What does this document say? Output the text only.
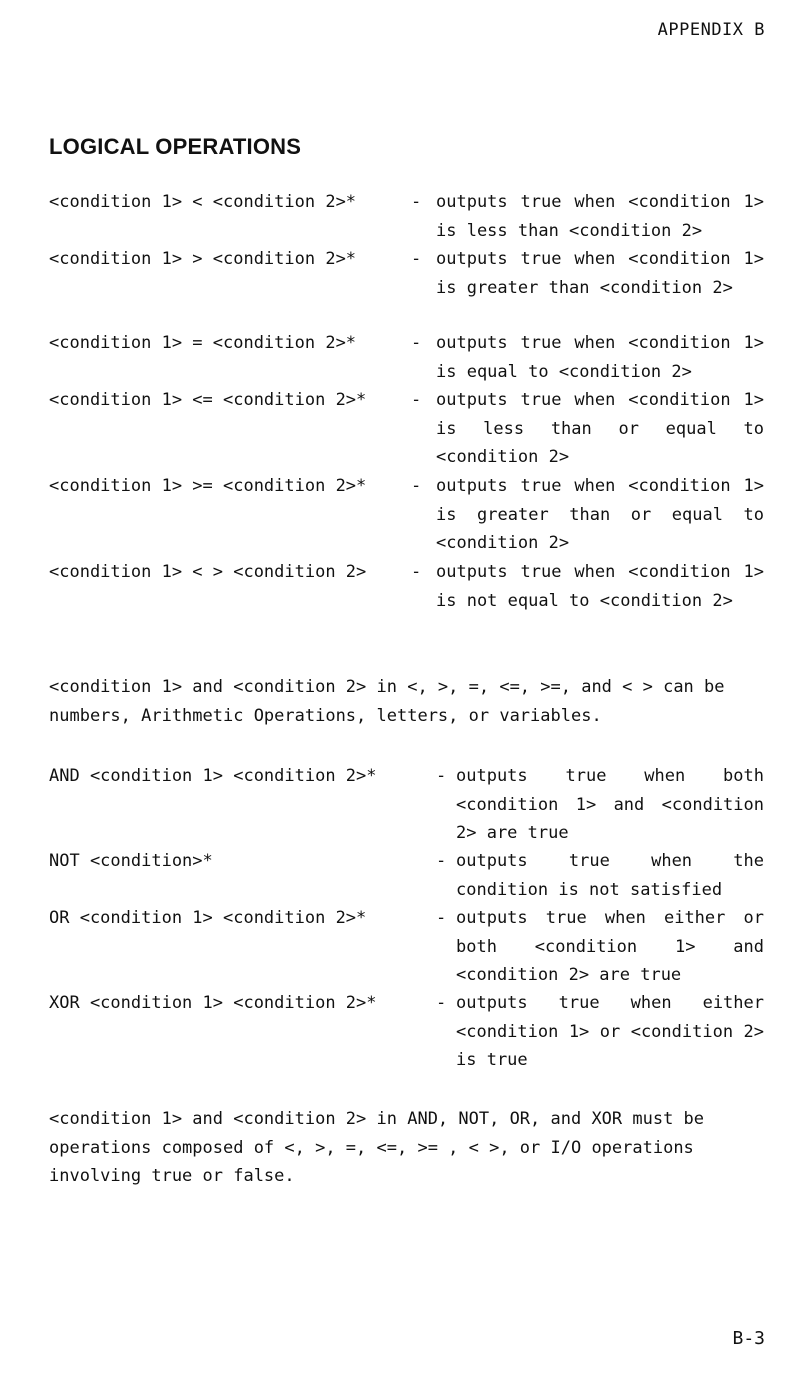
APPENDIX B
LOGICAL OPERATIONS
<condition 1> < <condition 2>*	- outputs true when <condition 1> is less than <condition 2>
<condition 1> > <condition 2>*	- outputs true when <condition 1> is greater than <condition 2>
<condition 1> = <condition 2>*	- outputs true when <condition 1> is equal to <condition 2>
<condition 1> <= <condition 2>*	- outputs true when <condition 1> is less than or equal to <condition 2>
<condition 1> >= <condition 2>*	- outputs true when <condition 1> is greater than or equal to <condition 2>
<condition 1> < > <condition 2>	- outputs true when <condition 1> is not equal to <condition 2>
<condition 1> and <condition 2> in <, >, =, <=, >=, and < > can be numbers, Arithmetic Operations, letters, or variables.
AND <condition 1> <condition 2>*	- outputs true when both <condition 1> and <condition 2> are true
NOT <condition>*	- outputs true when the condition is not satisfied
OR <condition 1> <condition 2>*	- outputs true when either or both <condition 1> and <condition 2> are true
XOR <condition 1> <condition 2>*	- outputs true when either <condition 1> or <condition 2> is true
<condition 1> and <condition 2> in AND, NOT, OR, and XOR must be operations composed of <, >, =, <=, >= , < >, or I/O operations involving true or false.
B-3
